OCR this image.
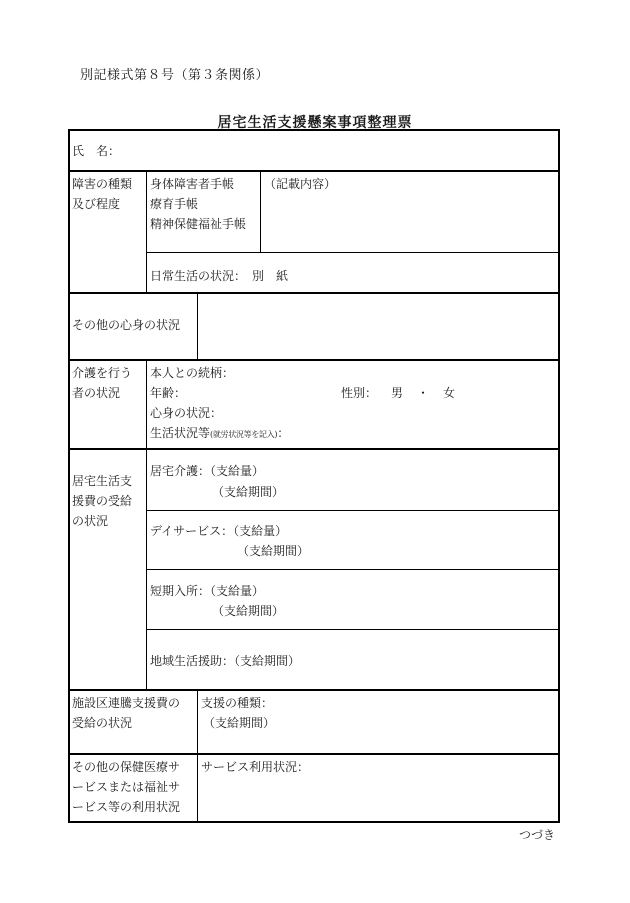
別記様式第８号（第３条関係）
居宅生活支援懸案事項整理票
氏　名：
障害の種類
及び程度
身体障害者手帳
療育手帳
精神保健福祉手帳
（記載内容）
日常生活の状況：　別　紙
その他の心身の状況
介護を行う
者の状況
本人との続柄：
年齢：	性別： 男 ・ 女
心身の状況：
生活状況等(就労状況等を記入)：
居宅生活支
援費の受給
の状況
居宅介護：（支給量）
（支給期間）
デイサービス：（支給量）
（支給期間）
短期入所：（支給量）
（支給期間）
地域生活援助：（支給期間）
施設区連騰支援費の
受給の状況
支援の種類：
（支給期間）
その他の保健医療サ
ービスまたは福祉サ
ービス等の利用状況
サービス利用状況：
つづき
